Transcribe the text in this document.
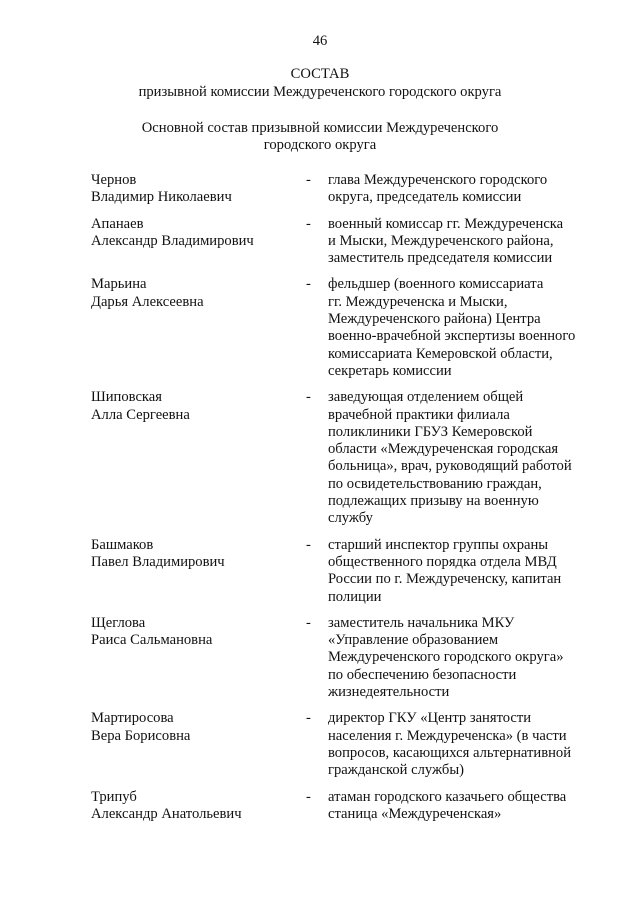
46
СОСТАВ
призывной комиссии Междуреченского городского округа
Основной состав призывной комиссии Междуреченского
городского округа
Чернов
Владимир Николаевич
- глава Междуреченского городского
округа, председатель комиссии
Апанаев
Александр Владимирович
- военный комиссар гг. Междуреченска
и Мыски, Междуреченского района,
заместитель председателя комиссии
Марьина
Дарья Алексеевна
- фельдшер (военного комиссариата
гг. Междуреченска и Мыски,
Междуреченского района) Центра
военно-врачебной экспертизы военного
комиссариата Кемеровской области,
секретарь комиссии
Шиповская
Алла Сергеевна
- заведующая отделением общей
врачебной практики филиала
поликлиники ГБУЗ Кемеровской
области «Междуреченская городская
больница», врач, руководящий работой
по освидетельствованию граждан,
подлежащих призыву на военную
службу
Башмаков
Павел Владимирович
- старший инспектор группы охраны
общественного порядка отдела МВД
России по г. Междуреченску, капитан
полиции
Щеглова
Раиса Сальмановна
- заместитель начальника МКУ
«Управление образованием
Междуреченского городского округа»
по обеспечению безопасности
жизнедеятельности
Мартиросова
Вера Борисовна
- директор ГКУ «Центр занятости
населения г. Междуреченска» (в части
вопросов, касающихся альтернативной
гражданской службы)
Трипуб
Александр Анатольевич
- атаман городского казачьего общества
станица «Междуреченская»
